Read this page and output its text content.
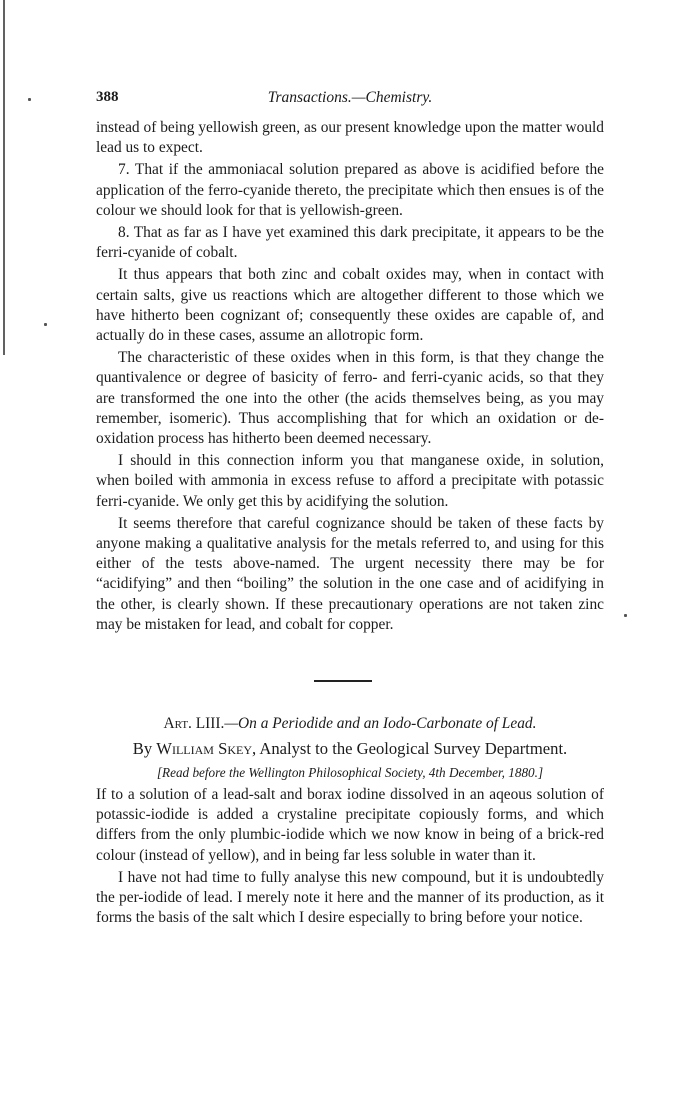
388	Transactions.—Chemistry.

instead of being yellowish green, as our present knowledge upon the matter would lead us to expect.

7. That if the ammoniacal solution prepared as above is acidified before the application of the ferro-cyanide thereto, the precipitate which then ensues is of the colour we should look for that is yellowish-green.

8. That as far as I have yet examined this dark precipitate, it appears to be the ferri-cyanide of cobalt.

It thus appears that both zinc and cobalt oxides may, when in contact with certain salts, give us reactions which are altogether different to those which we have hitherto been cognizant of; consequently these oxides are capable of, and actually do in these cases, assume an allotropic form.

The characteristic of these oxides when in this form, is that they change the quantivalence or degree of basicity of ferro- and ferri-cyanic acids, so that they are transformed the one into the other (the acids themselves being, as you may remember, isomeric). Thus accomplishing that for which an oxidation or de-oxidation process has hitherto been deemed necessary.

I should in this connection inform you that manganese oxide, in solution, when boiled with ammonia in excess refuse to afford a precipitate with potassic ferri-cyanide. We only get this by acidifying the solution.

It seems therefore that careful cognizance should be taken of these facts by anyone making a qualitative analysis for the metals referred to, and using for this either of the tests above-named. The urgent necessity there may be for “acidifying” and then “boiling” the solution in the one case and of acidifying in the other, is clearly shown. If these precautionary operations are not taken zinc may be mistaken for lead, and cobalt for copper.

Art. LIII.—On a Periodide and an Iodo-Carbonate of Lead.

By William Skey, Analyst to the Geological Survey Department.

[Read before the Wellington Philosophical Society, 4th December, 1880.]

If to a solution of a lead-salt and borax iodine dissolved in an aqeous solution of potassic-iodide is added a crystaline precipitate copiously forms, and which differs from the only plumbic-iodide which we now know in being of a brick-red colour (instead of yellow), and in being far less soluble in water than it.

I have not had time to fully analyse this new compound, but it is undoubtedly the per-iodide of lead. I merely note it here and the manner of its production, as it forms the basis of the salt which I desire especially to bring before your notice.
